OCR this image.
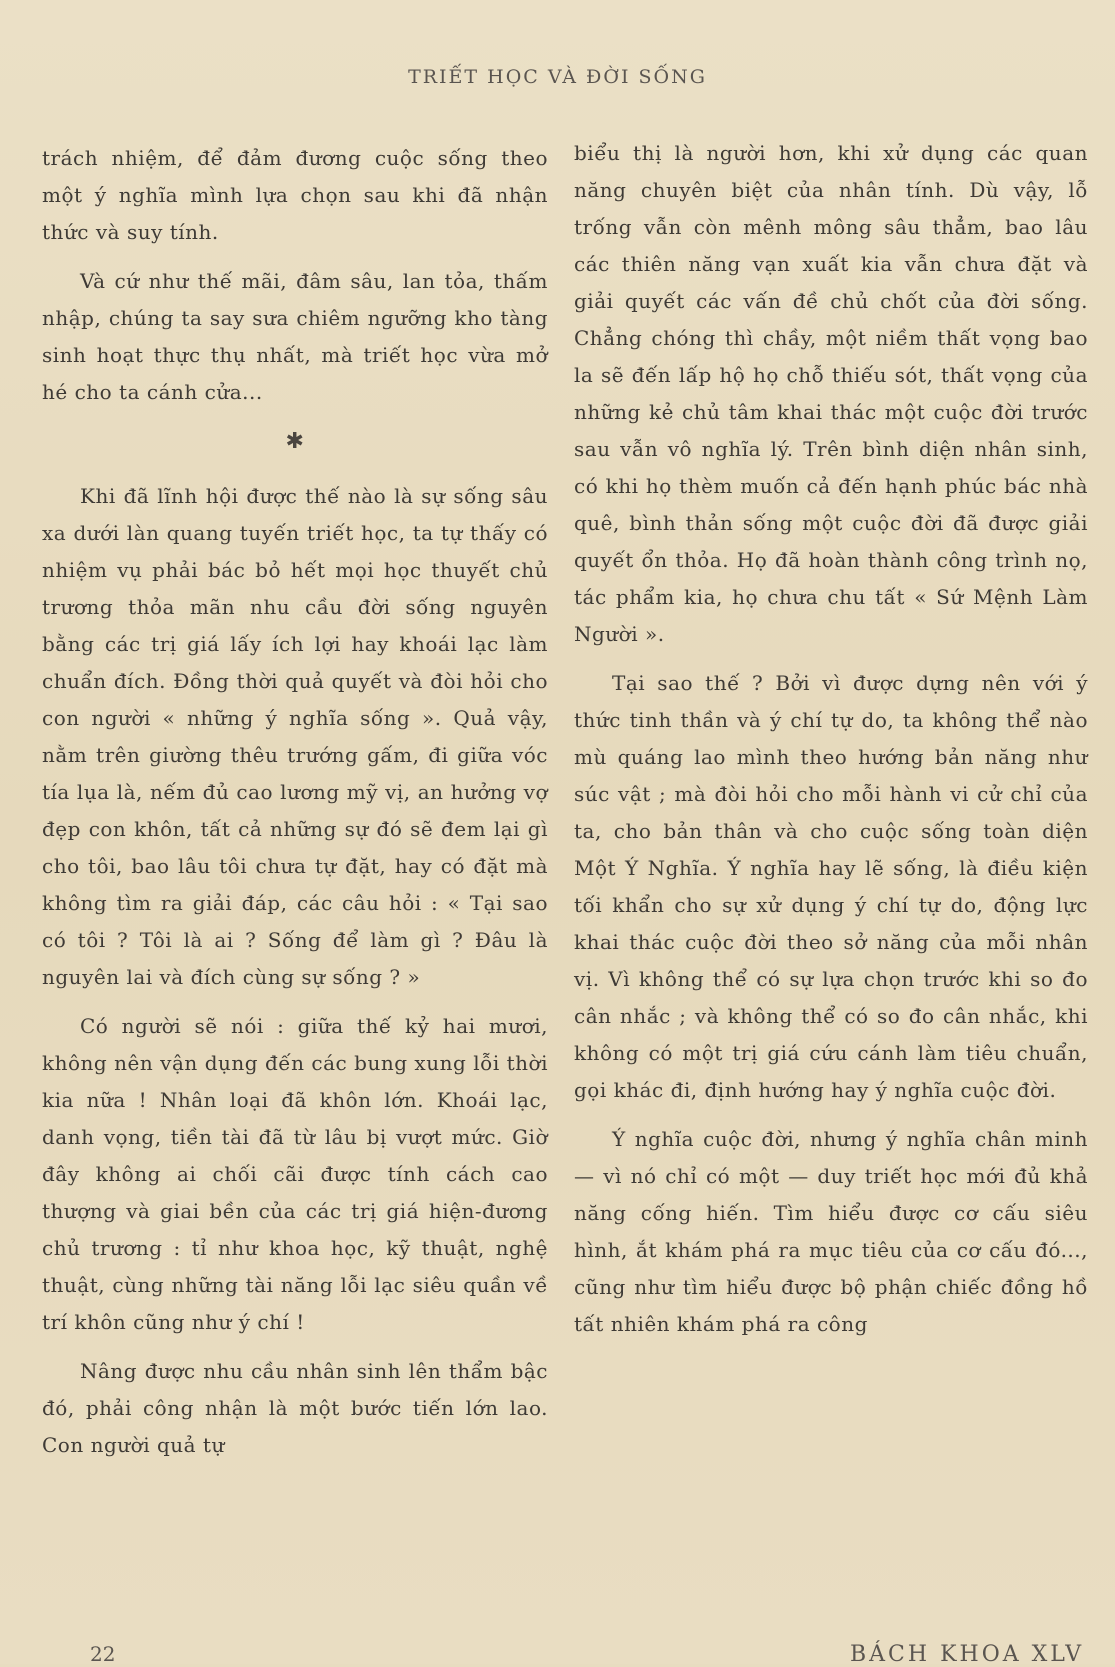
TRIẾT HỌC VÀ ĐỜI SỐNG

trách nhiệm, để đảm đương cuộc sống theo một ý nghĩa mình lựa chọn sau khi đã nhận thức và suy tính.

Và cứ như thế mãi, đâm sâu, lan tỏa, thấm nhập, chúng ta say sưa chiêm ngưỡng kho tàng sinh hoạt thực thụ nhất, mà triết học vừa mở hé cho ta cánh cửa...

✱

Khi đã lĩnh hội được thế nào là sự sống sâu xa dưới làn quang tuyến triết học, ta tự thấy có nhiệm vụ phải bác bỏ hết mọi học thuyết chủ trương thỏa mãn nhu cầu đời sống nguyên bằng các trị giá lấy ích lợi hay khoái lạc làm chuẩn đích. Đồng thời quả quyết và đòi hỏi cho con người « những ý nghĩa sống ». Quả vậy, nằm trên giường thêu trướng gấm, đi giữa vóc tía lụa là, nếm đủ cao lương mỹ vị, an hưởng vợ đẹp con khôn, tất cả những sự đó sẽ đem lại gì cho tôi, bao lâu tôi chưa tự đặt, hay có đặt mà không tìm ra giải đáp, các câu hỏi : « Tại sao có tôi ? Tôi là ai ? Sống để làm gì ? Đâu là nguyên lai và đích cùng sự sống ? »

Có người sẽ nói : giữa thế kỷ hai mươi, không nên vận dụng đến các bung xung lỗi thời kia nữa ! Nhân loại đã khôn lớn. Khoái lạc, danh vọng, tiền tài đã từ lâu bị vượt mức. Giờ đây không ai chối cãi được tính cách cao thượng và giai bền của các trị giá hiện-đương chủ trương : tỉ như khoa học, kỹ thuật, nghệ thuật, cùng những tài năng lỗi lạc siêu quần về trí khôn cũng như ý chí !

Nâng được nhu cầu nhân sinh lên thẩm bậc đó, phải công nhận là một bước tiến lớn lao. Con người quả tự

biểu thị là người hơn, khi xử dụng các quan năng chuyên biệt của nhân tính. Dù vậy, lỗ trống vẫn còn mênh mông sâu thẳm, bao lâu các thiên năng vạn xuất kia vẫn chưa đặt và giải quyết các vấn đề chủ chốt của đời sống. Chẳng chóng thì chầy, một niềm thất vọng bao la sẽ đến lấp hộ họ chỗ thiếu sót, thất vọng của những kẻ chủ tâm khai thác một cuộc đời trước sau vẫn vô nghĩa lý. Trên bình diện nhân sinh, có khi họ thèm muốn cả đến hạnh phúc bác nhà quê, bình thản sống một cuộc đời đã được giải quyết ổn thỏa. Họ đã hoàn thành công trình nọ, tác phẩm kia, họ chưa chu tất « Sứ Mệnh Làm Người ».

Tại sao thế ? Bởi vì được dựng nên với ý thức tinh thần và ý chí tự do, ta không thể nào mù quáng lao mình theo hướng bản năng như súc vật ; mà đòi hỏi cho mỗi hành vi cử chỉ của ta, cho bản thân và cho cuộc sống toàn diện Một Ý Nghĩa. Ý nghĩa hay lẽ sống, là điều kiện tối khẩn cho sự xử dụng ý chí tự do, động lực khai thác cuộc đời theo sở năng của mỗi nhân vị. Vì không thể có sự lựa chọn trước khi so đo cân nhắc ; và không thể có so đo cân nhắc, khi không có một trị giá cứu cánh làm tiêu chuẩn, gọi khác đi, định hướng hay ý nghĩa cuộc đời.

Ý nghĩa cuộc đời, nhưng ý nghĩa chân minh — vì nó chỉ có một — duy triết học mới đủ khả năng cống hiến. Tìm hiểu được cơ cấu siêu hình, ắt khám phá ra mục tiêu của cơ cấu đó..., cũng như tìm hiểu được bộ phận chiếc đồng hồ tất nhiên khám phá ra công

22	BÁCH KHOA XLV
